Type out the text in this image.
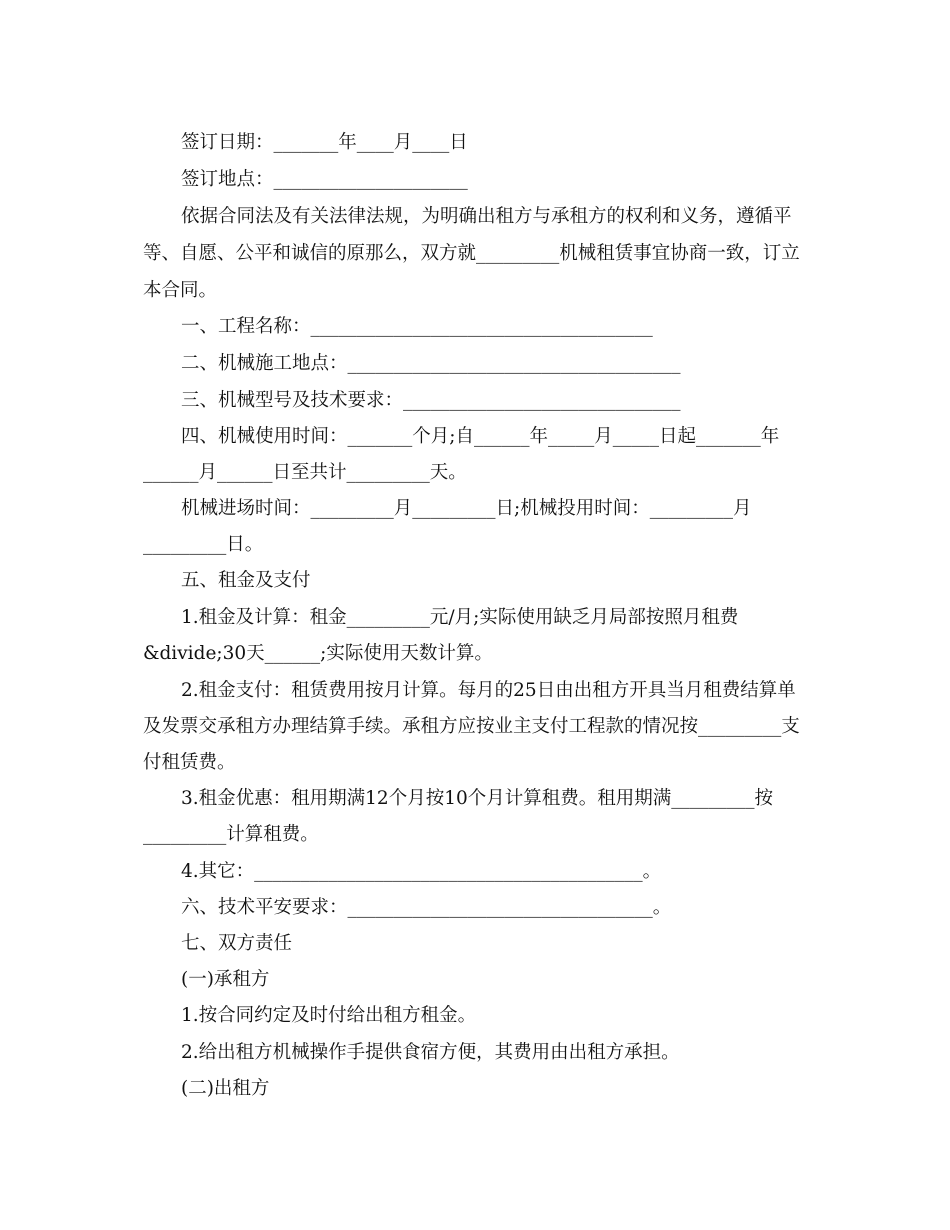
签订日期：_______年____月____日
签订地点：_____________________
依据合同法及有关法律法规，为明确出租方与承租方的权利和义务，遵循平
等、自愿、公平和诚信的原那么，双方就_________机械租赁事宜协商一致，订立
本合同。
一、工程名称：_____________________________________
二、机械施工地点：____________________________________
三、机械型号及技术要求：______________________________
四、机械使用时间：_______个月;自______年_____月_____日起_______年
______月______日至共计_________天。
机械进场时间：_________月_________日;机械投用时间：_________月
_________日。
五、租金及支付
1.租金及计算：租金_________元/月;实际使用缺乏月局部按照月租费
&divide;30天______;实际使用天数计算。
2.租金支付：租赁费用按月计算。每月的25日由出租方开具当月租费结算单
及发票交承租方办理结算手续。承租方应按业主支付工程款的情况按_________支
付租赁费。
3.租金优惠：租用期满12个月按10个月计算租费。租用期满_________按
_________计算租费。
4.其它：__________________________________________。
六、技术平安要求：_________________________________。
七、双方责任
(一)承租方
1.按合同约定及时付给出租方租金。
2.给出租方机械操作手提供食宿方便，其费用由出租方承担。
(二)出租方
